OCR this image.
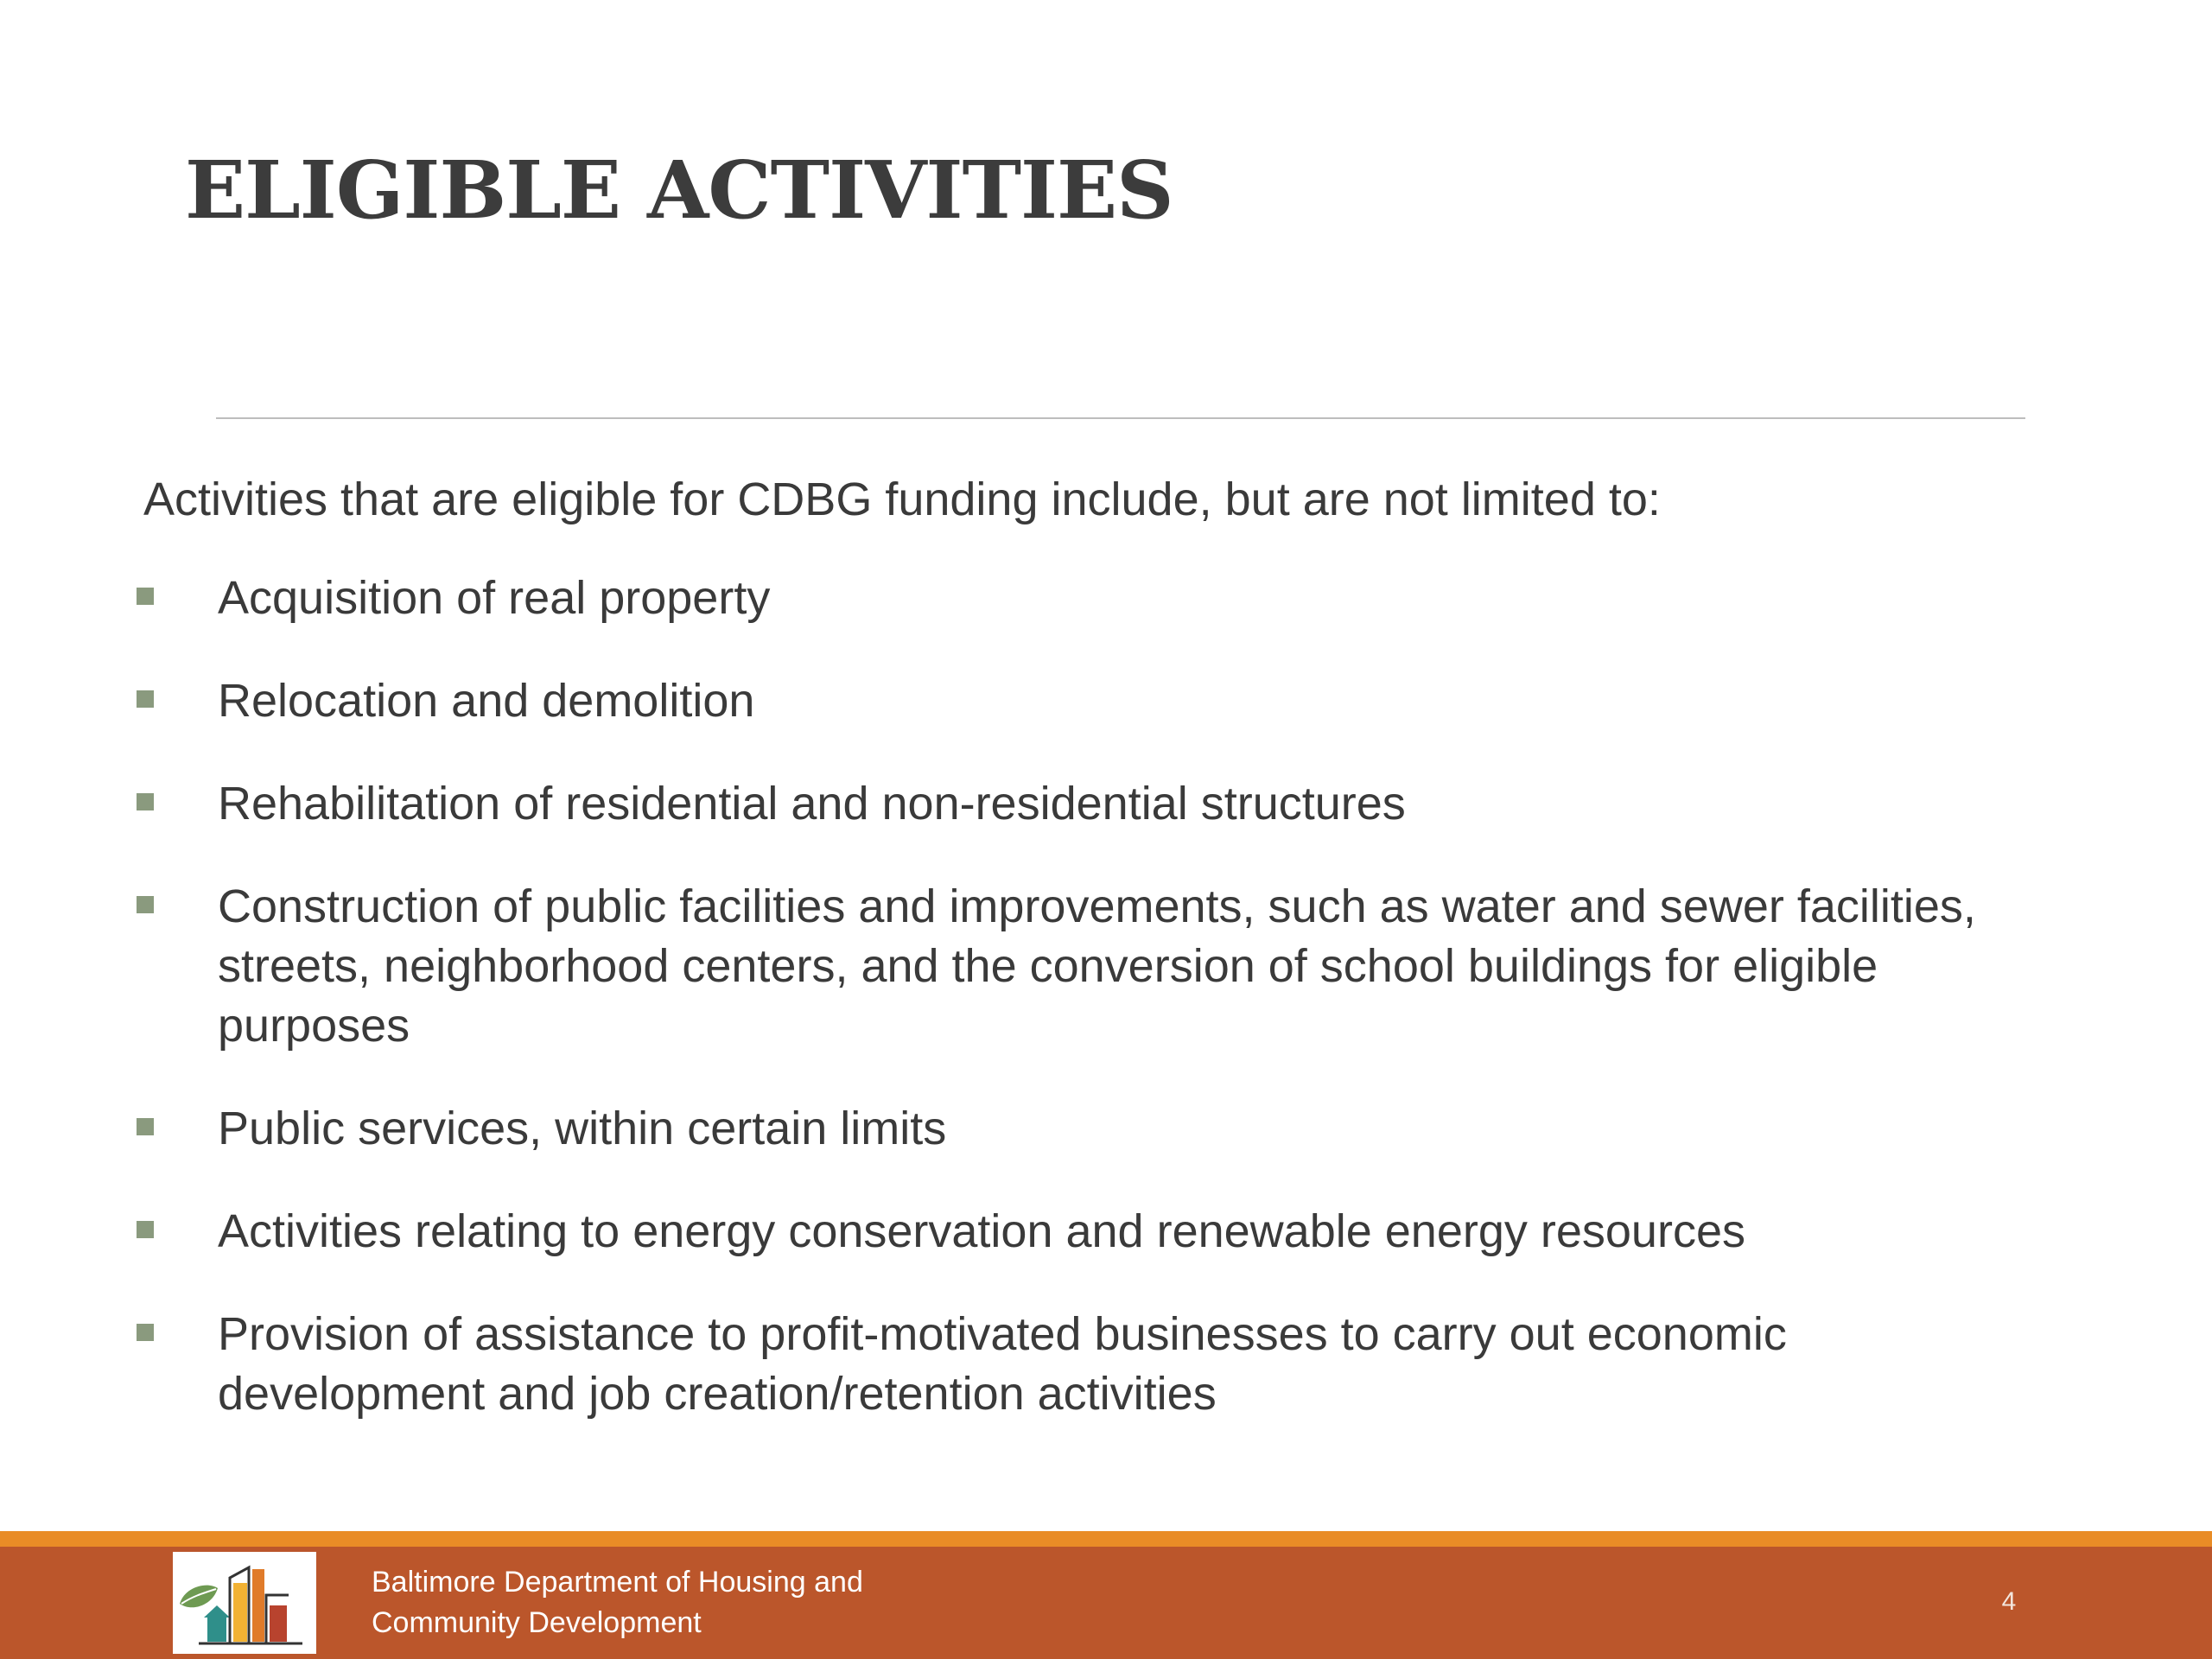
ELIGIBLE ACTIVITIES

Activities that are eligible for CDBG funding include, but are not limited to:

Acquisition of real property
Relocation and demolition
Rehabilitation of residential and non-residential structures
Construction of public facilities and improvements, such as water and sewer facilities, streets, neighborhood centers, and the conversion of school buildings for eligible purposes
Public services, within certain limits
Activities relating to energy conservation and renewable energy resources
Provision of assistance to profit-motivated businesses to carry out economic development and job creation/retention activities
Baltimore Department of Housing and
Community Development
4
